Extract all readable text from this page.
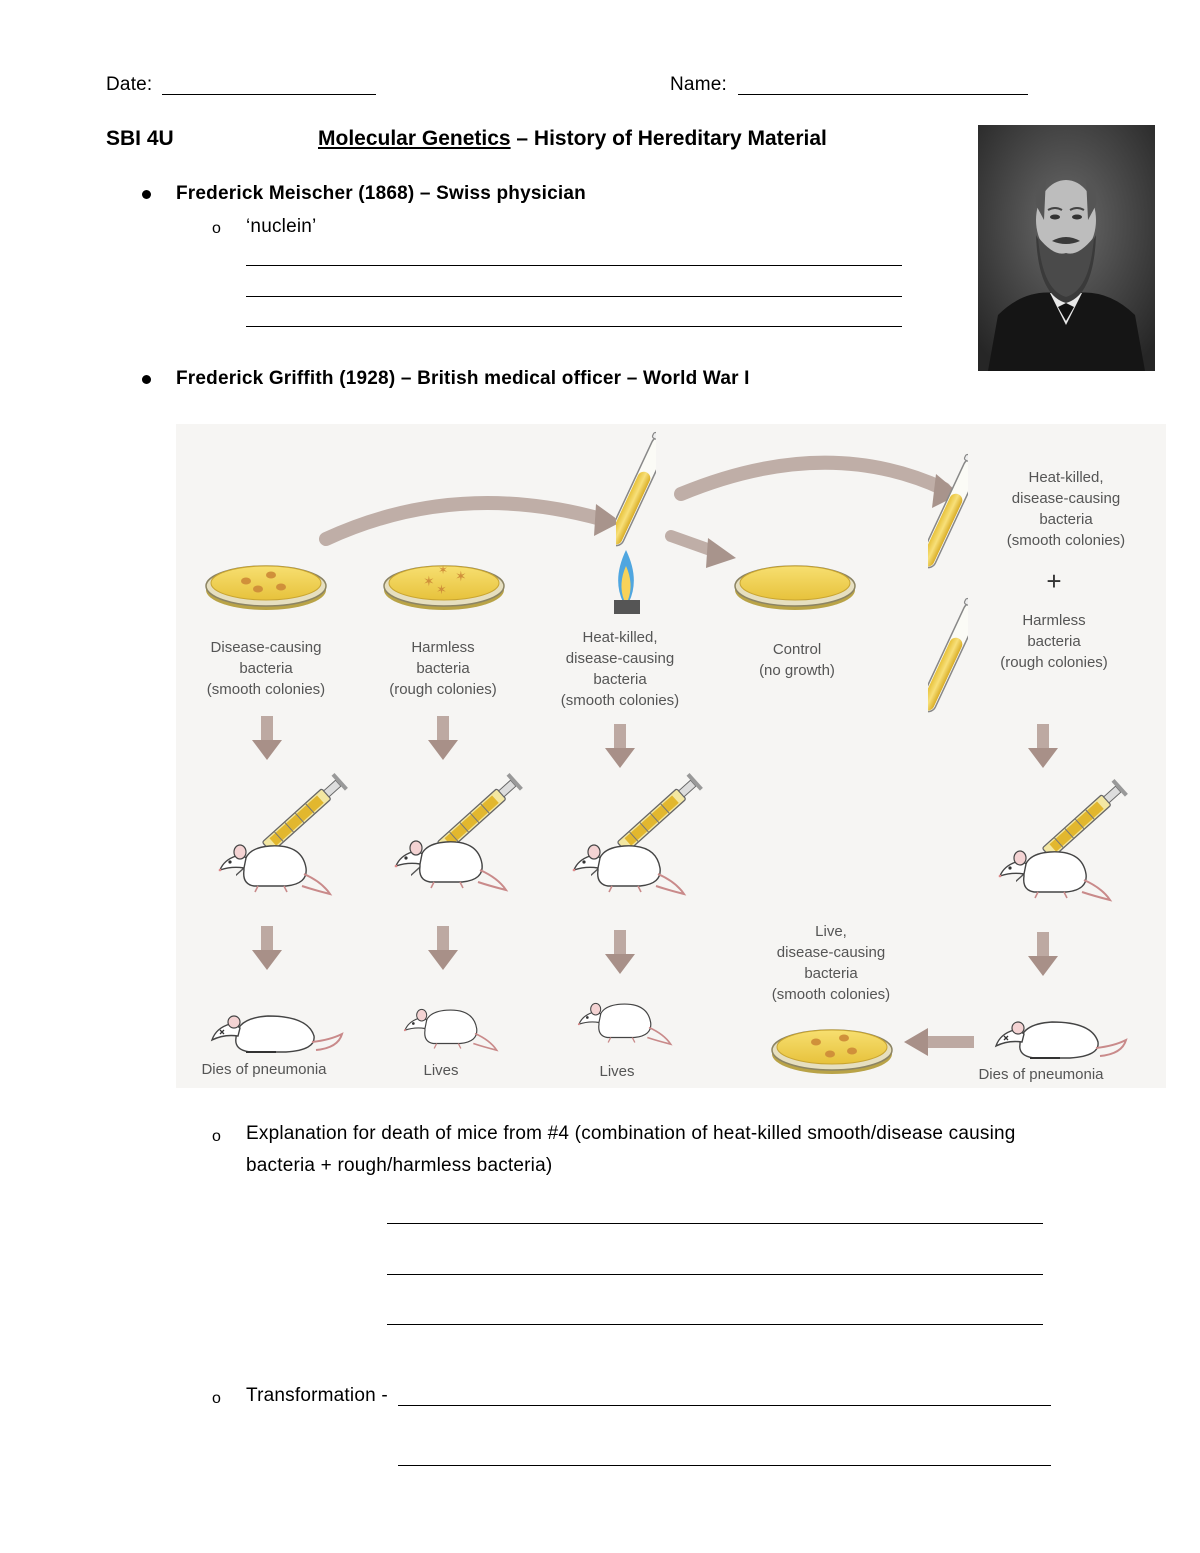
Date:	Name:
SBI 4U	Molecular Genetics – History of Hereditary Material
Frederick Meischer (1868) – Swiss physician
o ‘nuclein’
Frederick Griffith (1928) – British medical officer – World War I
✶
✶ ✶
✶
Disease-causing
bacteria
(smooth colonies)
Harmless
bacteria
(rough colonies)
Heat-killed,
disease-causing
bacteria
(smooth colonies)
Control
(no growth)
Heat-killed,
disease-causing
bacteria
(smooth colonies)
+
Harmless
bacteria
(rough colonies)
Live,
disease-causing
bacteria
(smooth colonies)
Dies of pneumonia	Lives	Lives	Dies of pneumonia
o Explanation for death of mice from #4 (combination of heat-killed smooth/disease causing
bacteria + rough/harmless bacteria)
o Transformation -
